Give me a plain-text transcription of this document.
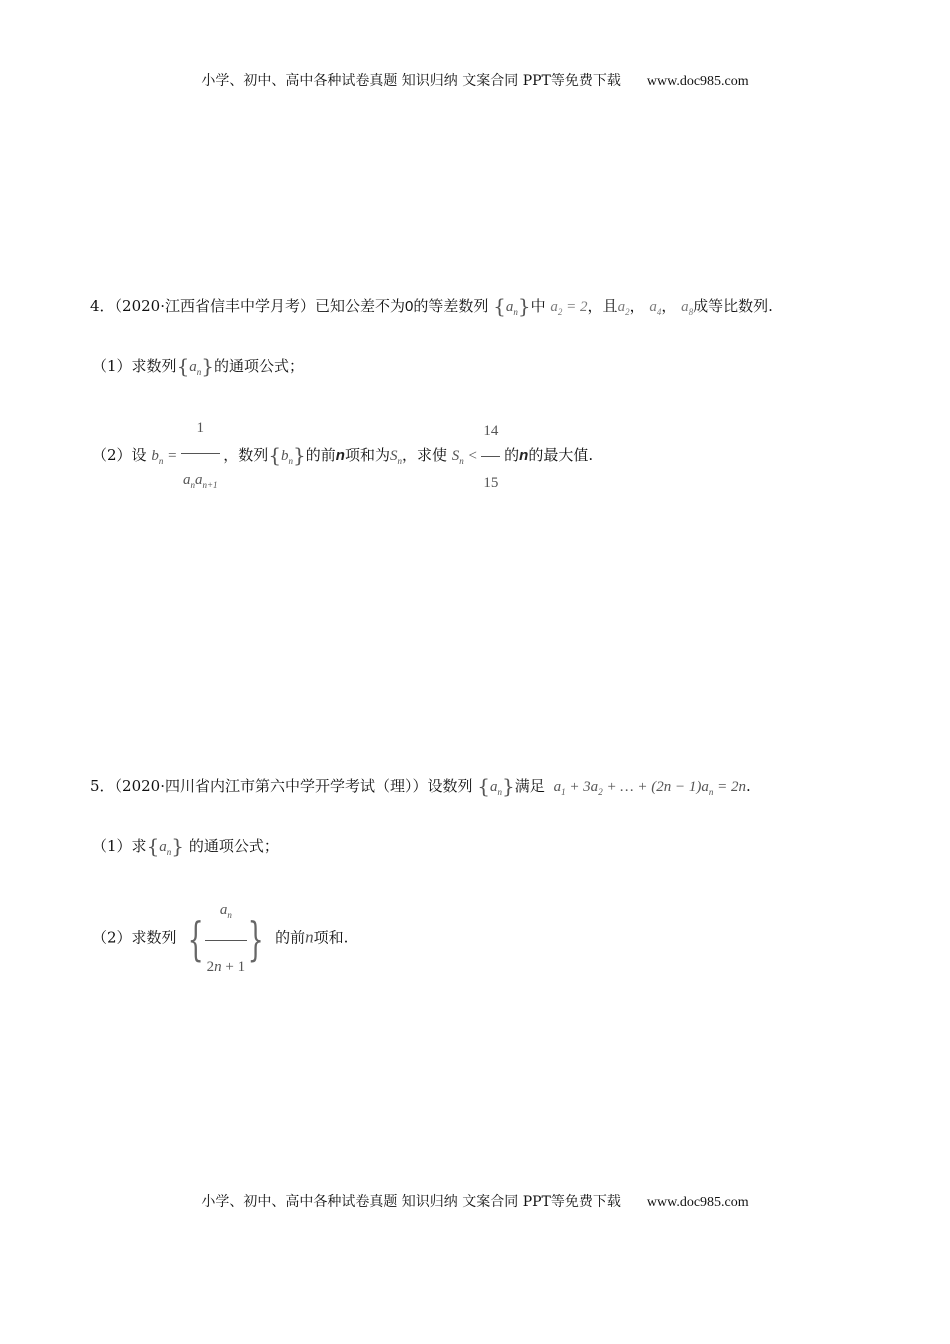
小学、初中、高中各种试卷真题 知识归纳 文案合同 PPT等免费下载 www.doc985.com
4．（2020·江西省信丰中学月考）已知公差不为0的等差数列 $\{a_n\}$中 $a_2 = 2$，且$a_2$， $a_4$， $a_8$成等比数列.
（1）求数列$\{a_n\}$的通项公式；
（2）设 $b_n = \frac{1}{a_na_{n+1}}$ ，数列$\{b_n\}$的前n项和为$S_n$，求使 $S_n < \frac{14}{15}$ 的n的最大值.
5．（2020·四川省内江市第六中学开学考试（理））设数列 $\{a_n\}$满足 $a_1 + 3a_2$ + … + $(2n - 1)a_n = 2n$.
（1）求$\{a_n\}$ 的通项公式；
（2）求数列 { $\frac{a_n}{2n + 1}$ } 的前n项和.
小学、初中、高中各种试卷真题 知识归纳 文案合同 PPT等免费下载 www.doc985.com
